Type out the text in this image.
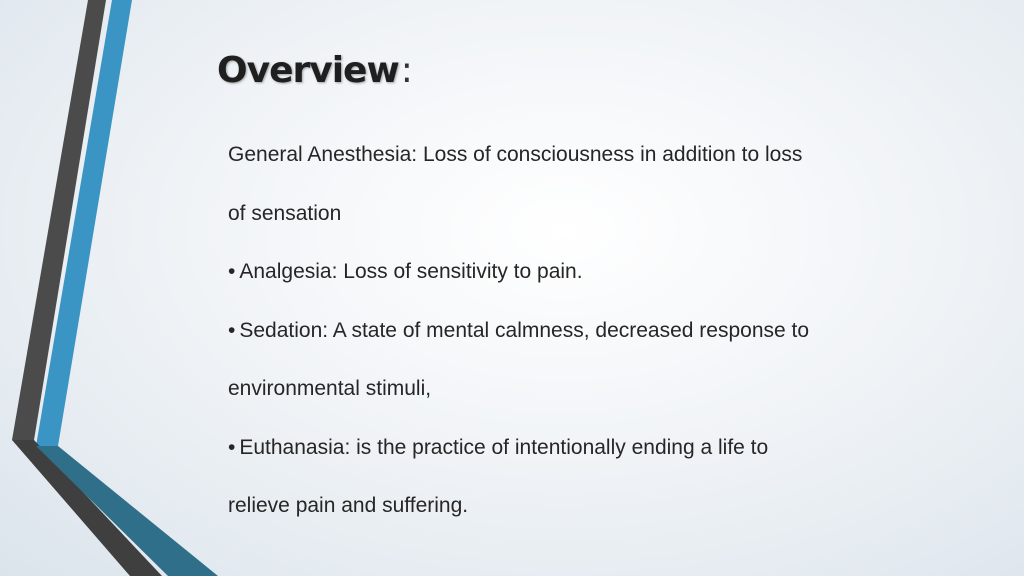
Overview:
General Anesthesia: Loss of consciousness in addition to loss
of sensation
• Analgesia: Loss of sensitivity to pain.
• Sedation: A state of mental calmness, decreased response to
environmental stimuli,
• Euthanasia: is the practice of intentionally ending a life to
relieve pain and suffering.
